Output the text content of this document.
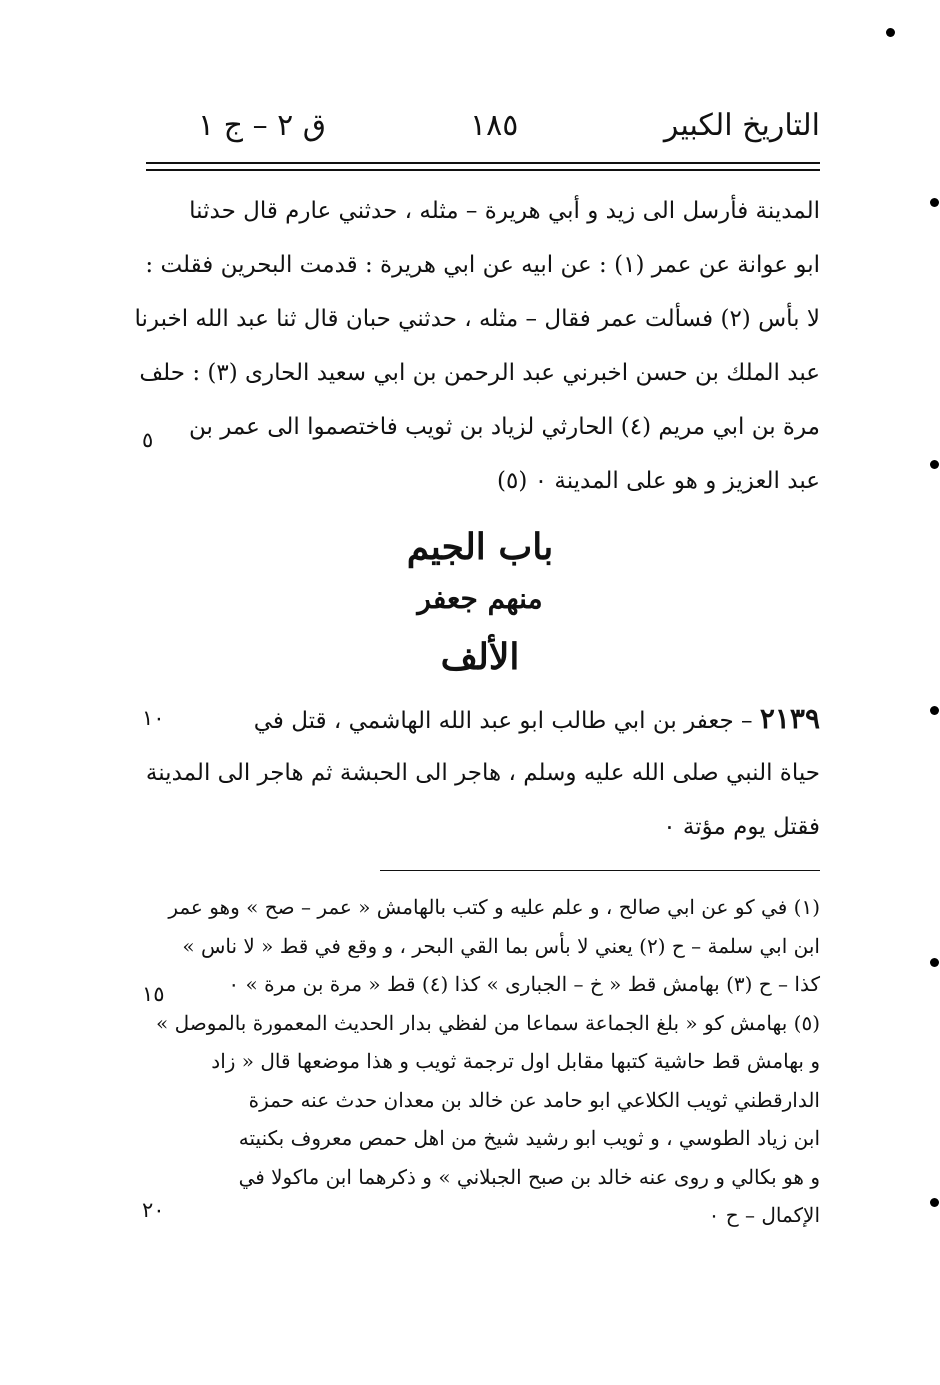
التاريخ الكبير
١٨٥
ق ٢ – ج ١
المدينة فأرسل الى زيد و أبي هريرة – مثله ، حدثني عارم قال حدثنا
ابو عوانة عن عمر (١) : عن ابيه عن ابي هريرة : قدمت البحرين فقلت :
لا بأس (٢) فسألت عمر فقال – مثله ، حدثني حبان قال ثنا عبد الله اخبرنا
عبد الملك بن حسن اخبرني عبد الرحمن بن ابي سعيد الحارى (٣) : حلف
مرة بن ابي مريم (٤) الحارثي لزياد بن ثويب فاختصموا الى عمر بن
عبد العزيز و هو على المدينة ٠ (٥)
باب الجيم
منهم جعفر
الألف
٢١٣٩ – جعفر بن ابي طالب ابو عبد الله الهاشمي ، قتل في
حياة النبي صلى الله عليه وسلم ، هاجر الى الحبشة ثم هاجر الى المدينة
فقتل يوم مؤتة ٠
(١) في كو عن ابي صالح ، و علم عليه و كتب بالهامش « عمر – صح » وهو عمر
ابن ابي سلمة – ح (٢) يعني لا بأس بما القي البحر ، و وقع في قط « لا ناس »
كذا – ح (٣) بهامش قط « خ – الجبارى » كذا (٤) قط « مرة بن مرة » ٠
(٥) بهامش كو « بلغ الجماعة سماعا من لفظي بدار الحديث المعمورة بالموصل »
و بهامش قط حاشية كتبها مقابل اول ترجمة ثويب و هذا موضعها قال « زاد
الدارقطني ثويب الكلاعي ابو حامد عن خالد بن معدان حدث عنه حمزة
ابن زياد الطوسي ، و ثويب ابو رشيد شيخ من اهل حمص معروف بكنيته
و هو بكالي و روى عنه خالد بن صبح الجبلاني » و ذكرهما ابن ماكولا في
الإكمال – ح ٠
٥
١٠
١٥
٢٠
